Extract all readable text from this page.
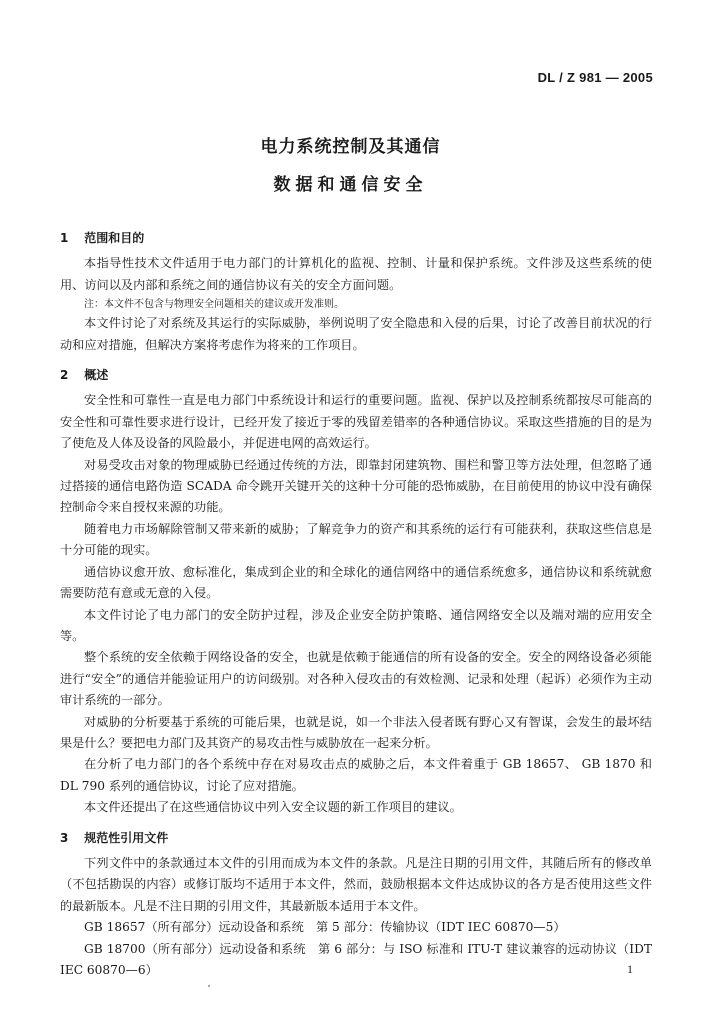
DL / Z 981 — 2005
电力系统控制及其通信
数据和通信安全
1 范围和目的

本指导性技术文件适用于电力部门的计算机化的监视、控制、计量和保护系统。文件涉及这些系统的使用、访问以及内部和系统之间的通信协议有关的安全方面问题。

注：本文件不包含与物理安全问题相关的建议或开发准则。

本文件讨论了对系统及其运行的实际威胁，举例说明了安全隐患和入侵的后果，讨论了改善目前状况的行动和应对措施，但解决方案将考虑作为将来的工作项目。

2 概述

安全性和可靠性一直是电力部门中系统设计和运行的重要问题。监视、保护以及控制系统都按尽可能高的安全性和可靠性要求进行设计，已经开发了接近于零的残留差错率的各种通信协议。采取这些措施的目的是为了使危及人体及设备的风险最小，并促进电网的高效运行。

对易受攻击对象的物理威胁已经通过传统的方法，即靠封闭建筑物、围栏和警卫等方法处理，但忽略了通过搭接的通信电路伪造 SCADA 命令跳开关键开关的这种十分可能的恐怖威胁，在目前使用的协议中没有确保控制命令来自授权来源的功能。

随着电力市场解除管制又带来新的威胁；了解竞争力的资产和其系统的运行有可能获利，获取这些信息是十分可能的现实。

通信协议愈开放、愈标准化，集成到企业的和全球化的通信网络中的通信系统愈多，通信协议和系统就愈需要防范有意或无意的入侵。

本文件讨论了电力部门的安全防护过程，涉及企业安全防护策略、通信网络安全以及端对端的应用安全等。

整个系统的安全依赖于网络设备的安全，也就是依赖于能通信的所有设备的安全。安全的网络设备必须能进行“安全”的通信并能验证用户的访问级别。对各种入侵攻击的有效检测、记录和处理（起诉）必须作为主动审计系统的一部分。

对威胁的分析要基于系统的可能后果，也就是说，如一个非法入侵者既有野心又有智谋，会发生的最坏结果是什么？要把电力部门及其资产的易攻击性与威胁放在一起来分析。

在分析了电力部门的各个系统中存在对易攻击点的威胁之后，本文件着重于 GB 18657、 GB 1870 和 DL 790 系列的通信协议，讨论了应对措施。

本文件还提出了在这些通信协议中列入安全议题的新工作项目的建议。

3 规范性引用文件

下列文件中的条款通过本文件的引用而成为本文件的条款。凡是注日期的引用文件，其随后所有的修改单（不包括勘误的内容）或修订版均不适用于本文件，然而，鼓励根据本文件达成协议的各方是否使用这些文件的最新版本。凡是不注日期的引用文件，其最新版本适用于本文件。

GB 18657（所有部分）远动设备和系统　第 5 部分：传输协议（IDT IEC 60870—5）

GB 18700（所有部分）远动设备和系统　第 6 部分：与 ISO 标准和 ITU-T 建议兼容的远动协议（IDT IEC 60870—6）	1
